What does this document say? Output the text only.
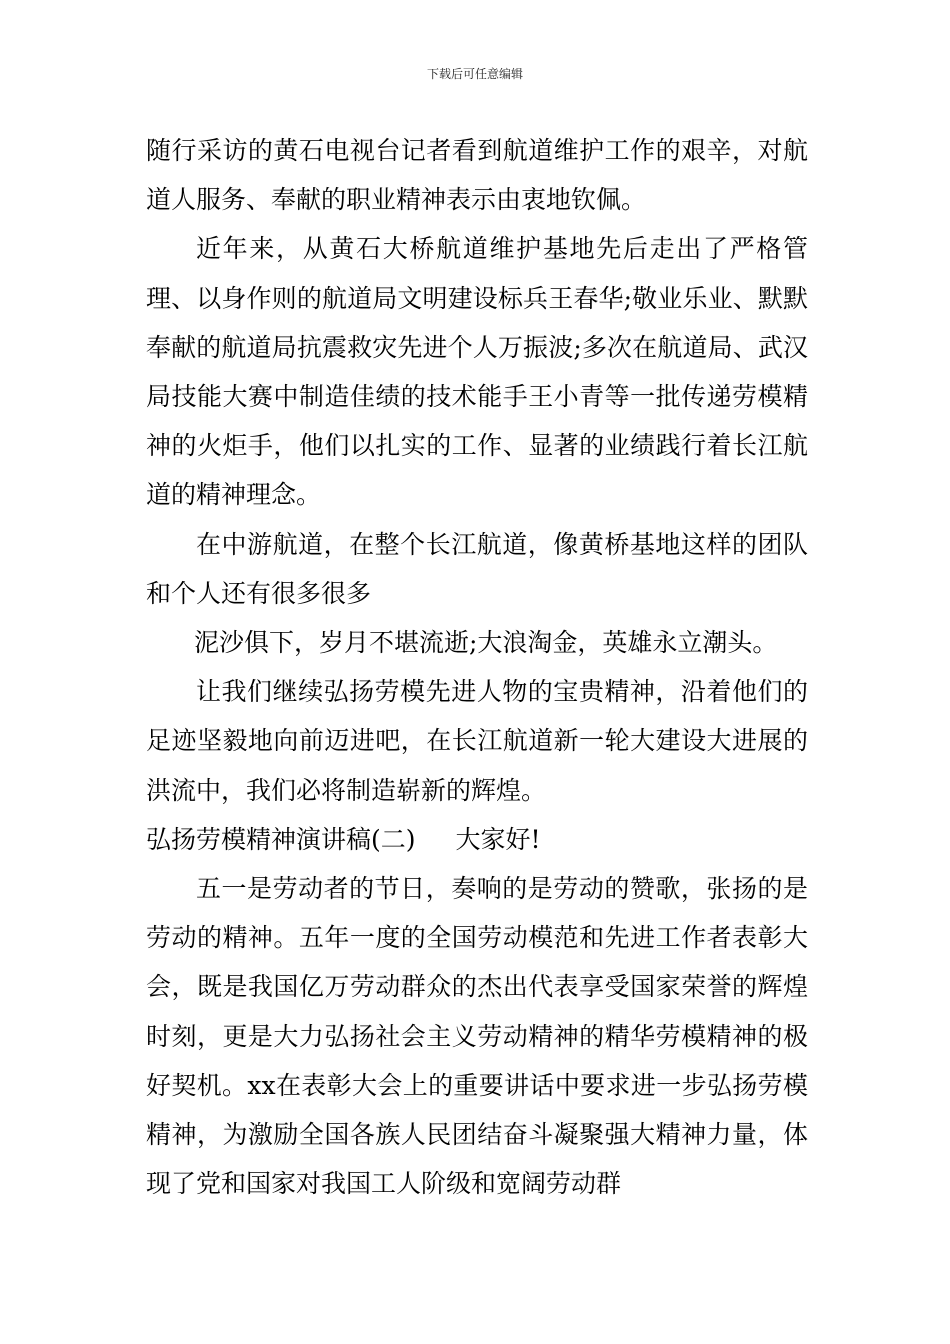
下载后可任意编辑

随行采访的黄石电视台记者看到航道维护工作的艰辛，对航道人服务、奉献的职业精神表示由衷地钦佩。

近年来，从黄石大桥航道维护基地先后走出了严格管理、以身作则的航道局文明建设标兵王春华;敬业乐业、默默奉献的航道局抗震救灾先进个人万振波;多次在航道局、武汉局技能大赛中制造佳绩的技术能手王小青等一批传递劳模精神的火炬手，他们以扎实的工作、显著的业绩践行着长江航道的精神理念。

在中游航道，在整个长江航道，像黄桥基地这样的团队和个人还有很多很多

泥沙俱下，岁月不堪流逝;大浪淘金，英雄永立潮头。

让我们继续弘扬劳模先进人物的宝贵精神，沿着他们的足迹坚毅地向前迈进吧，在长江航道新一轮大建设大进展的洪流中，我们必将制造崭新的辉煌。

弘扬劳模精神演讲稿(二) 大家好!

五一是劳动者的节日，奏响的是劳动的赞歌，张扬的是劳动的精神。五年一度的全国劳动模范和先进工作者表彰大会，既是我国亿万劳动群众的杰出代表享受国家荣誉的辉煌时刻，更是大力弘扬社会主义劳动精神的精华劳模精神的极好契机。xx在表彰大会上的重要讲话中要求进一步弘扬劳模精神，为激励全国各族人民团结奋斗凝聚强大精神力量，体现了党和国家对我国工人阶级和宽阔劳动群
